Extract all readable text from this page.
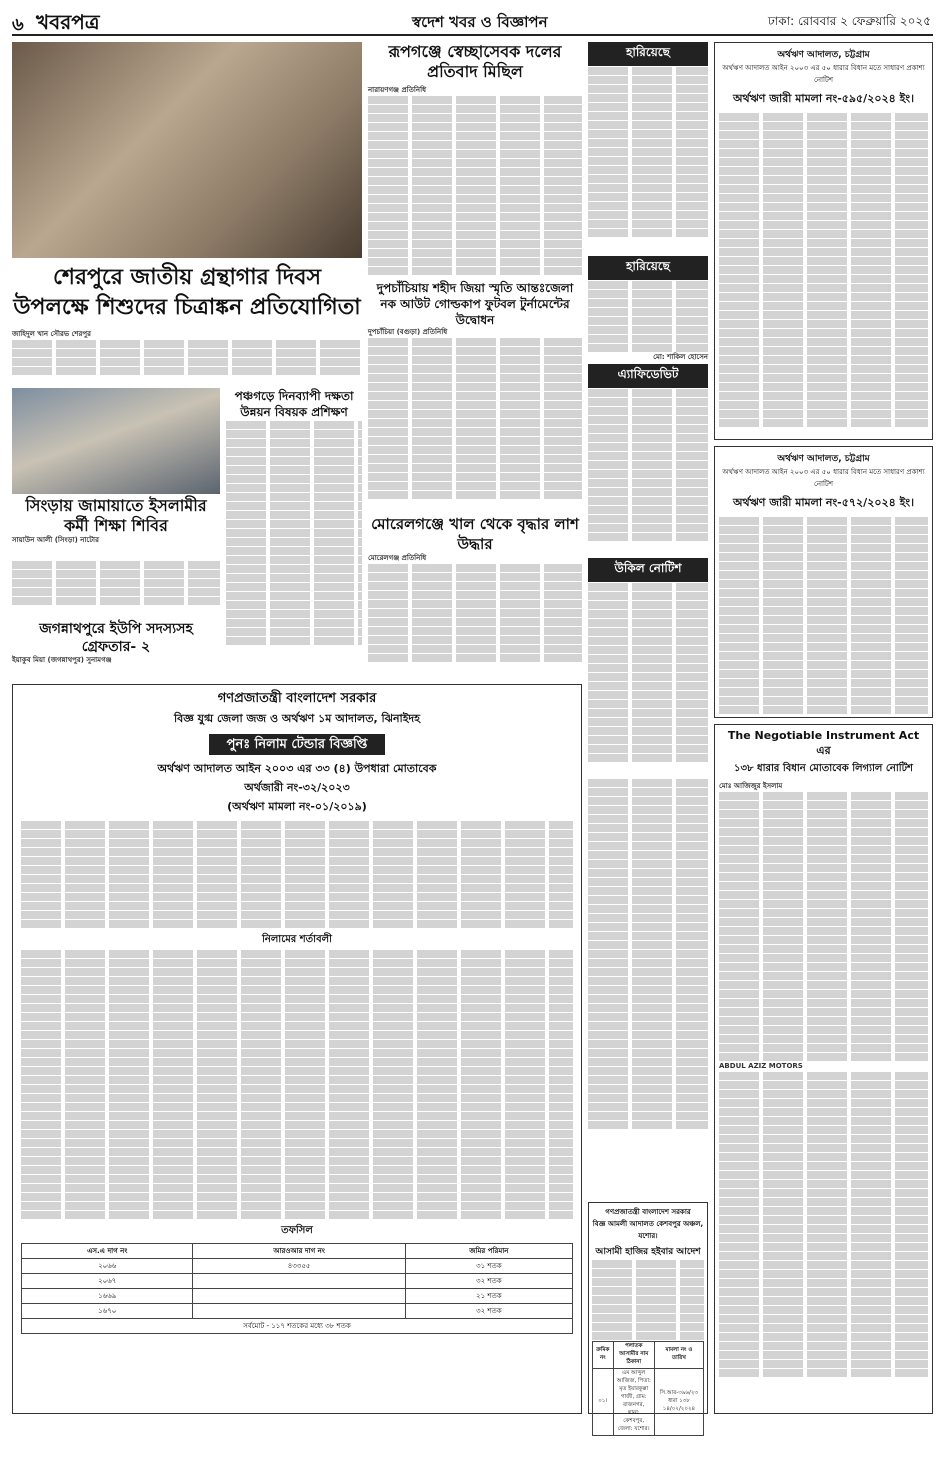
৬ খবরপত্র	স্বদেশ খবর ও বিজ্ঞাপন	ঢাকা: রোববার ২ ফেব্রুয়ারি ২০২৫
রূপগঞ্জে স্বেচ্ছাসেবক দলের প্রতিবাদ মিছিল
নারায়ণগঞ্জ প্রতিনিধি
শেরপুরে জাতীয় গ্রন্থাগার দিবস উপলক্ষে শিশুদের চিত্রাঙ্কন প্রতিযোগিতা
জাহিদুল খান সৌরভ শেরপুর
দুপচাঁচিয়ায় শহীদ জিয়া স্মৃতি আন্তঃজেলা নক আউট গোল্ডকাপ ফুটবল টুর্নামেন্টের উদ্বোধন
দুপচাঁচিয়া (বগুড়া) প্রতিনিধি
পঞ্চগড়ে দিনব্যাপী দক্ষতা উন্নয়ন বিষয়ক প্রশিক্ষণ
সিংড়ায় জামায়াতে ইসলামীর কর্মী শিক্ষা শিবির
সায়াউন আলী (সিংড়া) নাটোর
মোরেলগঞ্জে খাল থেকে বৃদ্ধার লাশ উদ্ধার
মোরেলগঞ্জ প্রতিনিধি
জগন্নাথপুরে ইউপি সদস্যসহ গ্রেফতার- ২
ইয়াকুব মিয়া (জগন্নাথপুর) সুনামগঞ্জ
গণপ্রজাতন্ত্রী বাংলাদেশ সরকার
বিজ্ঞ যুগ্ম জেলা জজ ও অর্থঋণ ১ম আদালত, ঝিনাইদহ
পুনঃ নিলাম টেন্ডার বিজ্ঞপ্তি
অর্থঋণ আদালত আইন ২০০৩ এর ৩৩ (৪) উপধারা মোতাবেক
অর্থজারী নং-৩২/২০২৩
(অর্থঋণ মামলা নং-০১/২০১৯)
নিলামের শর্তাবলী
তফসিল
এস.এ দাগ নং	আরওআর দাগ নং	জমির পরিমান
২০৬৬	৪৩৩৫৫	৩১ শতক
২০৬৭		৩২ শতক
১৬৬৯		২১ শতক
১৬৭০		৩২ শতক
সর্বমোট - ১১৭ শতকের মধ্যে ৩৮ শতক		
হারিয়েছে
হারিয়েছে
মো: শাকিল হোসেন
এ্যাফিডেভিট
উকিল নোটিশ
গণপ্রজাতন্ত্রী বাংলাদেশ সরকার
বিজ্ঞ আমলী আদালত কেশবপুর অঞ্চল, যশোর।
আসামী হাজির হইবার আদেশ
ক্রমিক নং	পলাতক আসামীর নাম ঠিকানা	মামলা নং ও তারিখ
০১।	এম আব্দুল আজিজ, পিতা: মৃত ইয়ারকুল্লা গাজী, গ্রাম: রাজনগর, থানা: কেশবপুর, জেলা: যশোর।	সি.আর-৩৯৬/২৩ ধারা ১৩৮ ১৪/০২/২০২৪
অর্থঋণ আদালত, চট্টগ্রাম
অর্থঋণ আদালত আইন ২০০৩ এর ৫০ ধারার বিধান মতে সাধারণ প্রকাশ্য নোটিশ
অর্থঋণ জারী মামলা নং-৫৯৫/২০২৪ ইং।
অর্থঋণ আদালত, চট্টগ্রাম
অর্থঋণ আদালত আইন ২০০৩ এর ৫০ ধারার বিধান মতে সাধারণ প্রকাশ্য নোটিশ
অর্থঋণ জারী মামলা নং-৫৭২/২০২৪ ইং।
The Negotiable Instrument Act এর
১৩৮ ধারার বিধান মোতাবেক লিগ্যাল নোটিশ
মোঃ আজিজুর ইসলাম
ABDUL AZIZ MOTORS
